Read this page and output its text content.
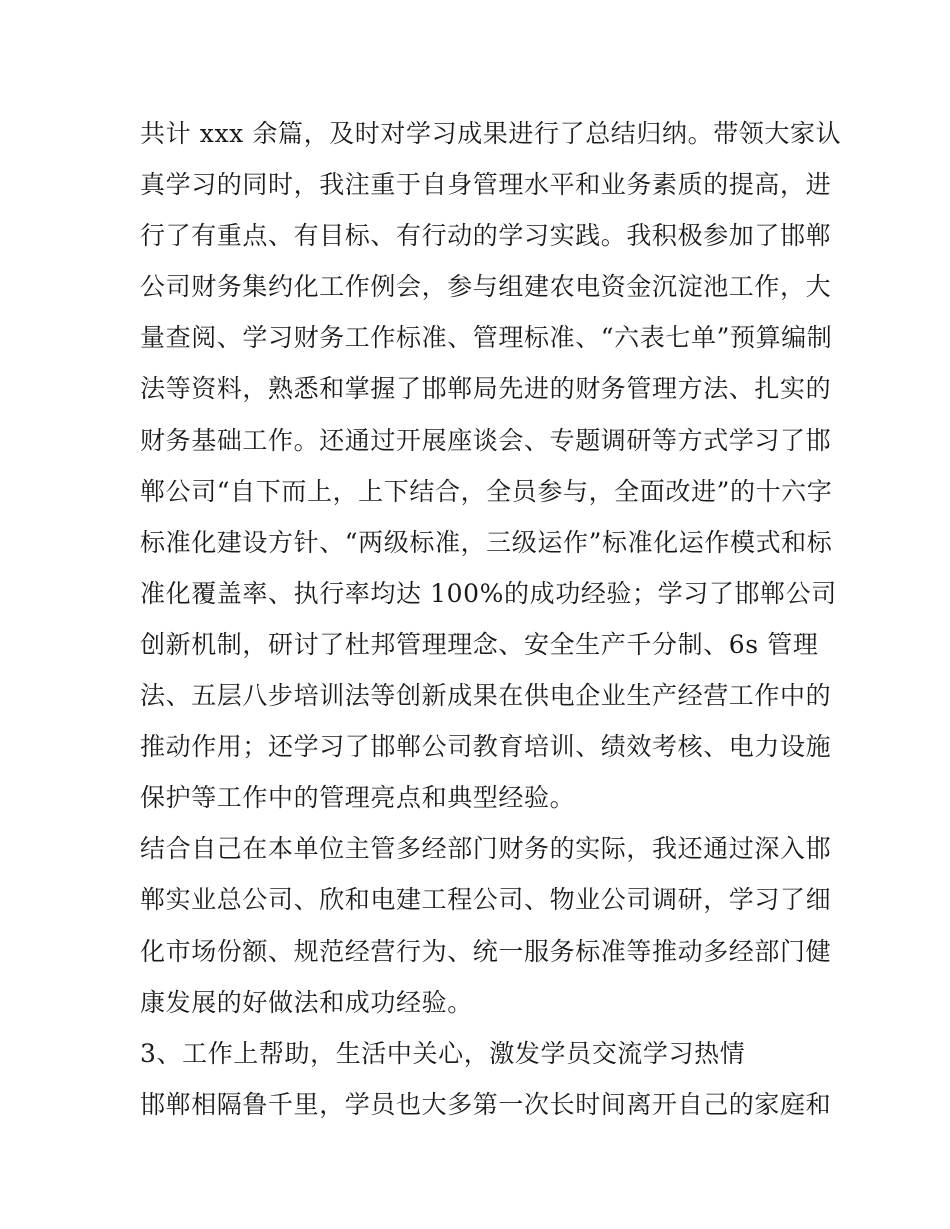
共计 xxx 余篇，及时对学习成果进行了总结归纳。带领大家认
真学习的同时，我注重于自身管理水平和业务素质的提高，进
行了有重点、有目标、有行动的学习实践。我积极参加了邯郸
公司财务集约化工作例会，参与组建农电资金沉淀池工作，大
量查阅、学习财务工作标准、管理标准、“六表七单”预算编制
法等资料，熟悉和掌握了邯郸局先进的财务管理方法、扎实的
财务基础工作。还通过开展座谈会、专题调研等方式学习了邯
郸公司“自下而上，上下结合，全员参与，全面改进”的十六字
标准化建设方针、“两级标准，三级运作”标准化运作模式和标
准化覆盖率、执行率均达 100%的成功经验；学习了邯郸公司
创新机制，研讨了杜邦管理理念、安全生产千分制、6s 管理
法、五层八步培训法等创新成果在供电企业生产经营工作中的
推动作用；还学习了邯郸公司教育培训、绩效考核、电力设施
保护等工作中的管理亮点和典型经验。
结合自己在本单位主管多经部门财务的实际，我还通过深入邯
郸实业总公司、欣和电建工程公司、物业公司调研，学习了细
化市场份额、规范经营行为、统一服务标准等推动多经部门健
康发展的好做法和成功经验。
3、工作上帮助，生活中关心，激发学员交流学习热情
邯郸相隔鲁千里，学员也大多第一次长时间离开自己的家庭和
